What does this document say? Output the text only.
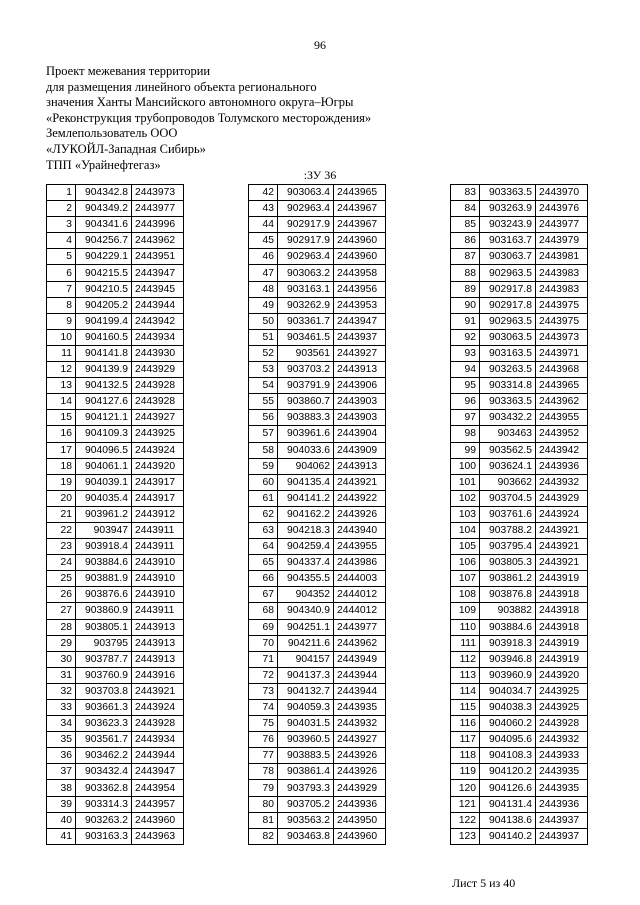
96
Проект межевания территории
для размещения линейного объекта регионального
значения Ханты Мансийского автономного округа–Югры
«Реконструкция трубопроводов Толумского месторождения»
Землепользователь ООО
«ЛУКОЙЛ-Западная Сибирь»
ТПП «Урайнефтегаз»
:ЗУ 36
1	904342.8	2443973
2	904349.2	2443977
3	904341.6	2443996
4	904256.7	2443962
5	904229.1	2443951
6	904215.5	2443947
7	904210.5	2443945
8	904205.2	2443944
9	904199.4	2443942
10	904160.5	2443934
11	904141.8	2443930
12	904139.9	2443929
13	904132.5	2443928
14	904127.6	2443928
15	904121.1	2443927
16	904109.3	2443925
17	904096.5	2443924
18	904061.1	2443920
19	904039.1	2443917
20	904035.4	2443917
21	903961.2	2443912
22	903947	2443911
23	903918.4	2443911
24	903884.6	2443910
25	903881.9	2443910
26	903876.6	2443910
27	903860.9	2443911
28	903805.1	2443913
29	903795	2443913
30	903787.7	2443913
31	903760.9	2443916
32	903703.8	2443921
33	903661.3	2443924
34	903623.3	2443928
35	903561.7	2443934
36	903462.2	2443944
37	903432.4	2443947
38	903362.8	2443954
39	903314.3	2443957
40	903263.2	2443960
41	903163.3	2443963
42	903063.4	2443965
43	902963.4	2443967
44	902917.9	2443967
45	902917.9	2443960
46	902963.4	2443960
47	903063.2	2443958
48	903163.1	2443956
49	903262.9	2443953
50	903361.7	2443947
51	903461.5	2443937
52	903561	2443927
53	903703.2	2443913
54	903791.9	2443906
55	903860.7	2443903
56	903883.3	2443903
57	903961.6	2443904
58	904033.6	2443909
59	904062	2443913
60	904135.4	2443921
61	904141.2	2443922
62	904162.2	2443926
63	904218.3	2443940
64	904259.4	2443955
65	904337.4	2443986
66	904355.5	2444003
67	904352	2444012
68	904340.9	2444012
69	904251.1	2443977
70	904211.6	2443962
71	904157	2443949
72	904137.3	2443944
73	904132.7	2443944
74	904059.3	2443935
75	904031.5	2443932
76	903960.5	2443927
77	903883.5	2443926
78	903861.4	2443926
79	903793.3	2443929
80	903705.2	2443936
81	903563.2	2443950
82	903463.8	2443960
83	903363.5	2443970
84	903263.9	2443976
85	903243.9	2443977
86	903163.7	2443979
87	903063.7	2443981
88	902963.5	2443983
89	902917.8	2443983
90	902917.8	2443975
91	902963.5	2443975
92	903063.5	2443973
93	903163.5	2443971
94	903263.5	2443968
95	903314.8	2443965
96	903363.5	2443962
97	903432.2	2443955
98	903463	2443952
99	903562.5	2443942
100	903624.1	2443936
101	903662	2443932
102	903704.5	2443929
103	903761.6	2443924
104	903788.2	2443921
105	903795.4	2443921
106	903805.3	2443921
107	903861.2	2443919
108	903876.8	2443918
109	903882	2443918
110	903884.6	2443918
111	903918.3	2443919
112	903946.8	2443919
113	903960.9	2443920
114	904034.7	2443925
115	904038.3	2443925
116	904060.2	2443928
117	904095.6	2443932
118	904108.3	2443933
119	904120.2	2443935
120	904126.6	2443935
121	904131.4	2443936
122	904138.6	2443937
123	904140.2	2443937
Лист 5 из 40
